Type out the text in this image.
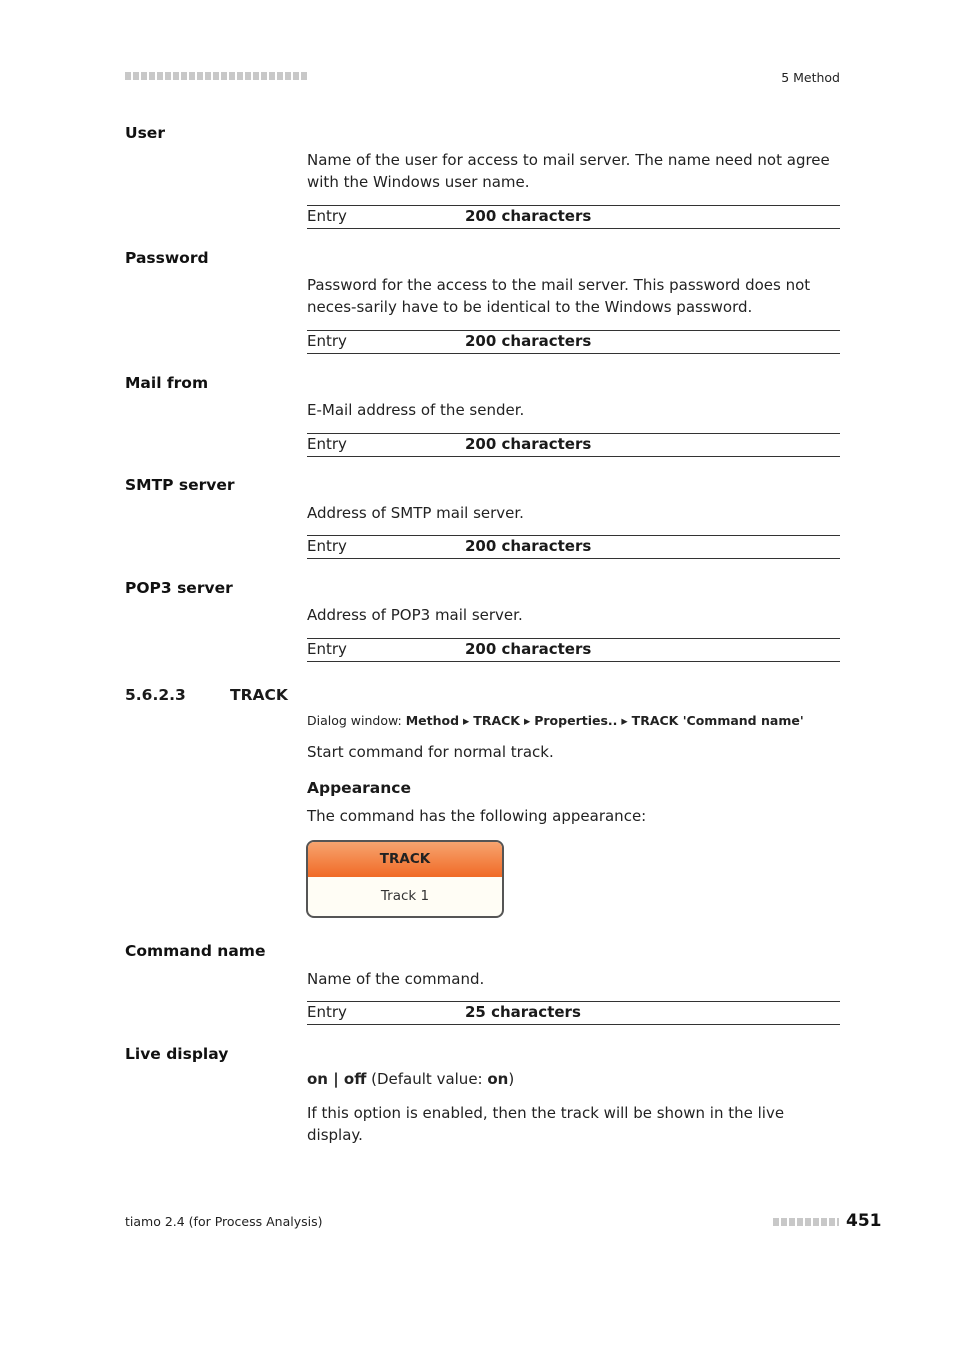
5 Method
User
Name of the user for access to mail server. The name need not agree with the Windows user name.
Entry	200 characters
Password
Password for the access to the mail server. This password does not neces-sarily have to be identical to the Windows password.
Entry	200 characters
Mail from
E-Mail address of the sender.
Entry	200 characters
SMTP server
Address of SMTP mail server.
Entry	200 characters
POP3 server
Address of POP3 mail server.
Entry	200 characters
5.6.2.3	TRACK
Dialog window: Method ▸ TRACK ▸ Properties.. ▸ TRACK 'Command name'
Start command for normal track.
Appearance
The command has the following appearance:
TRACK
Track 1
Command name
Name of the command.
Entry	25 characters
Live display
on | off (Default value: on)
If this option is enabled, then the track will be shown in the live display.
tiamo 2.4 (for Process Analysis)	451
